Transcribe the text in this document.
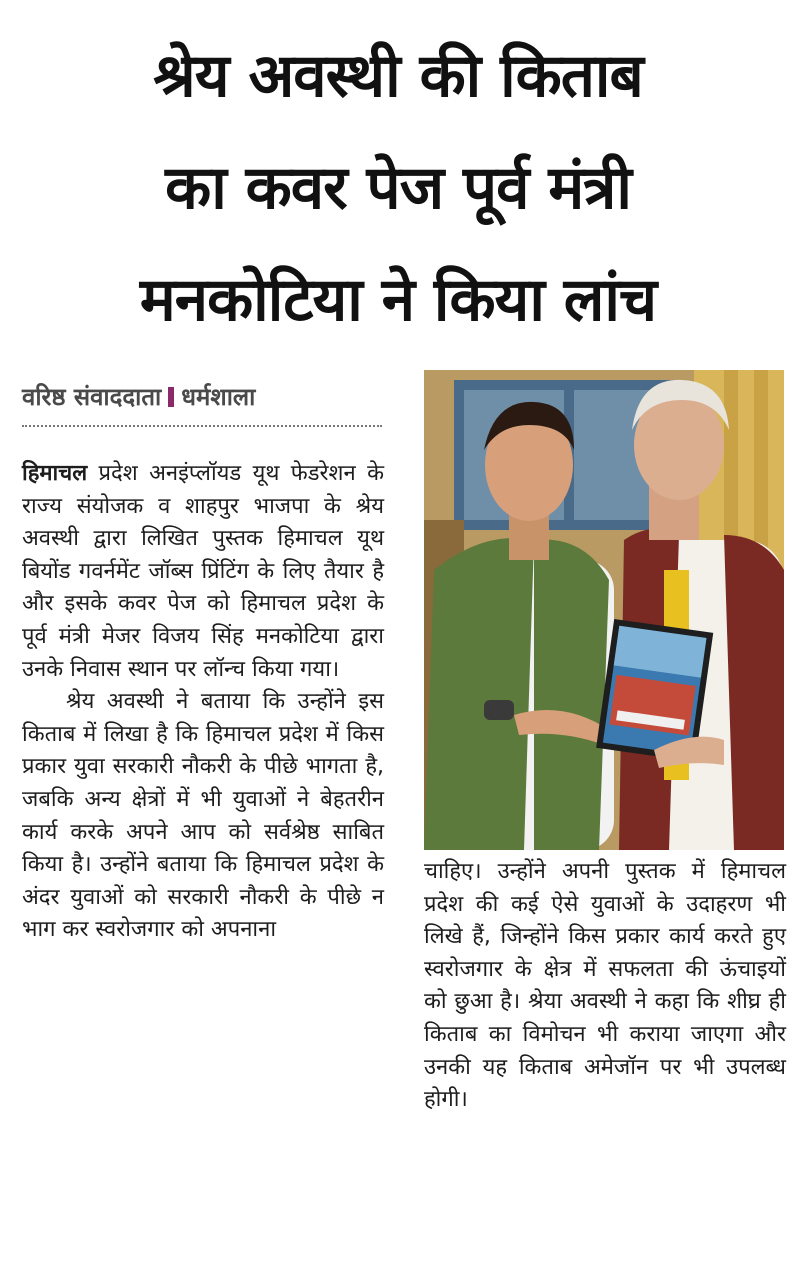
श्रेय अवस्थी की किताब
का कवर पेज पूर्व मंत्री
मनकोटिया ने किया लांच
वरिष्ठ संवाददाता धर्मशाला

हिमाचल प्रदेश अनइंप्लॉयड यूथ फेडरेशन के राज्य संयोजक व शाहपुर भाजपा के श्रेय अवस्थी द्वारा लिखित पुस्तक हिमाचल यूथ बियोंड गवर्नमेंट जॉब्स प्रिंटिंग के लिए तैयार है और इसके कवर पेज को हिमाचल प्रदेश के पूर्व मंत्री मेजर विजय सिंह मनकोटिया द्वारा उनके निवास स्थान पर लॉन्च किया गया।

श्रेय अवस्थी ने बताया कि उन्होंने इस किताब में लिखा है कि हिमाचल प्रदेश में किस प्रकार युवा सरकारी नौकरी के पीछे भागता है, जबकि अन्य क्षेत्रों में भी युवाओं ने बेहतरीन कार्य करके अपने आप को सर्वश्रेष्ठ साबित किया है। उन्होंने बताया कि हिमाचल प्रदेश के अंदर युवाओं को सरकारी नौकरी के पीछे न भाग कर स्वरोजगार को अपनाना

चाहिए। उन्होंने अपनी पुस्तक में हिमाचल प्रदेश की कई ऐसे युवाओं के उदाहरण भी लिखे हैं, जिन्होंने किस प्रकार कार्य करते हुए स्वरोजगार के क्षेत्र में सफलता की ऊंचाइयों को छुआ है। श्रेया अवस्थी ने कहा कि शीघ्र ही किताब का विमोचन भी कराया जाएगा और उनकी यह किताब अमेजॉन पर भी उपलब्ध होगी।
